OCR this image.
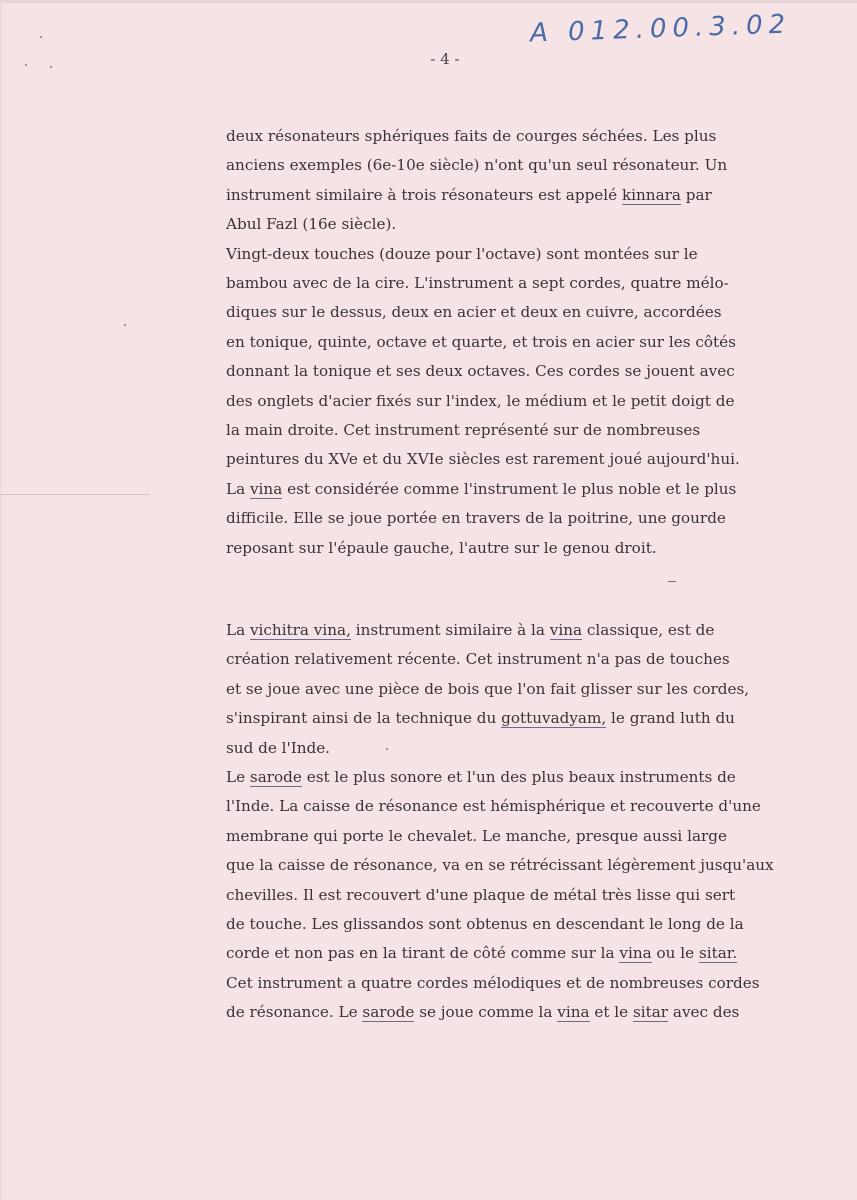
A 012.00.3.02
- 4 -
deux résonateurs sphériques faits de courges séchées. Les plus
anciens exemples (6e-10e siècle) n'ont qu'un seul résonateur. Un
instrument similaire à trois résonateurs est appelé kinnara par
Abul Fazl (16e siècle).
Vingt-deux touches (douze pour l'octave) sont montées sur le
bambou avec de la cire. L'instrument a sept cordes, quatre mélo-
diques sur le dessus, deux en acier et deux en cuivre, accordées
en tonique, quinte, octave et quarte, et trois en acier sur les côtés
donnant la tonique et ses deux octaves. Ces cordes se jouent avec
des onglets d'acier fixés sur l'index, le médium et le petit doigt de
la main droite. Cet instrument représenté sur de nombreuses
peintures du XVe et du XVIe siècles est rarement joué aujourd'hui.
La vina est considérée comme l'instrument le plus noble et le plus
difficile. Elle se joue portée en travers de la poitrine, une gourde
reposant sur l'épaule gauche, l'autre sur le genou droit.
La vichitra vina, instrument similaire à la vina classique, est de
création relativement récente. Cet instrument n'a pas de touches
et se joue avec une pièce de bois que l'on fait glisser sur les cordes,
s'inspirant ainsi de la technique du gottuvadyam, le grand luth du
sud de l'Inde.
Le sarode est le plus sonore et l'un des plus beaux instruments de
l'Inde. La caisse de résonance est hémisphérique et recouverte d'une
membrane qui porte le chevalet. Le manche, presque aussi large
que la caisse de résonance, va en se rétrécissant légèrement jusqu'aux
chevilles. Il est recouvert d'une plaque de métal très lisse qui sert
de touche. Les glissandos sont obtenus en descendant le long de la
corde et non pas en la tirant de côté comme sur la vina ou le sitar.
Cet instrument a quatre cordes mélodiques et de nombreuses cordes
de résonance. Le sarode se joue comme la vina et le sitar avec des
